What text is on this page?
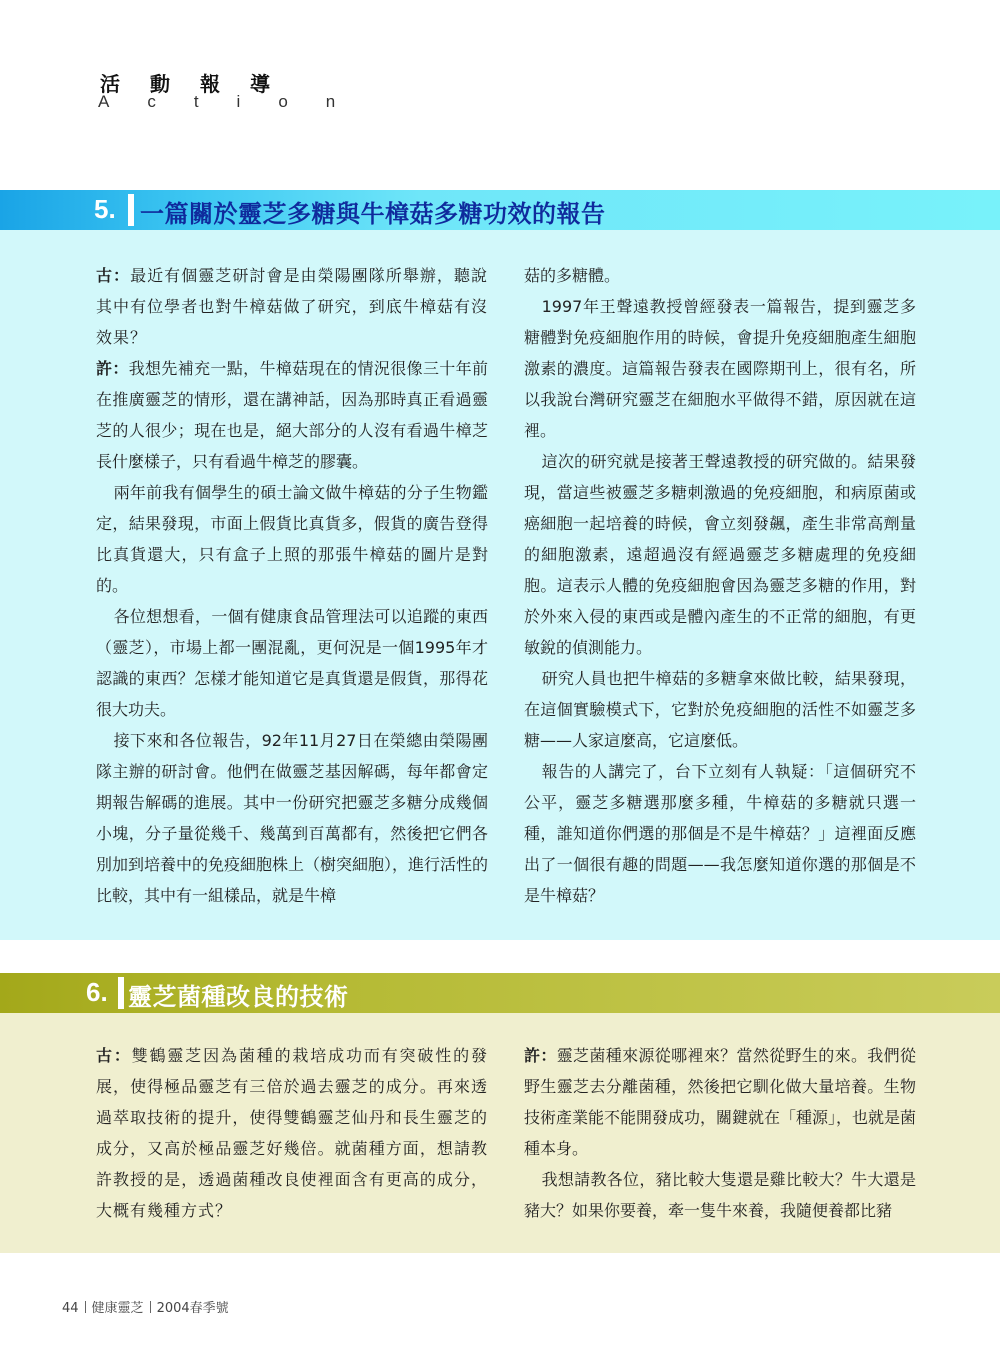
活動報導
Action
5. 一篇關於靈芝多糖與牛樟菇多糖功效的報告

古：最近有個靈芝研討會是由榮陽團隊所舉辦，聽說其中有位學者也對牛樟菇做了研究，到底牛樟菇有沒效果？

許：我想先補充一點，牛樟菇現在的情況很像三十年前在推廣靈芝的情形，還在講神話，因為那時真正看過靈芝的人很少；現在也是，絕大部分的人沒有看過牛樟芝長什麼樣子，只有看過牛樟芝的膠囊。

兩年前我有個學生的碩士論文做牛樟菇的分子生物鑑定，結果發現，市面上假貨比真貨多，假貨的廣告登得比真貨還大，只有盒子上照的那張牛樟菇的圖片是對的。

各位想想看，一個有健康食品管理法可以追蹤的東西（靈芝），市場上都一團混亂，更何況是一個1995年才認識的東西？怎樣才能知道它是真貨還是假貨，那得花很大功夫。

接下來和各位報告，92年11月27日在榮總由榮陽團隊主辦的研討會。他們在做靈芝基因解碼，每年都會定期報告解碼的進展。其中一份研究把靈芝多糖分成幾個小塊，分子量從幾千、幾萬到百萬都有，然後把它們各別加到培養中的免疫細胞株上（樹突細胞），進行活性的比較，其中有一組樣品，就是牛樟

菇的多糖體。

1997年王聲遠教授曾經發表一篇報告，提到靈芝多糖體對免疫細胞作用的時候，會提升免疫細胞產生細胞激素的濃度。這篇報告發表在國際期刊上，很有名，所以我說台灣研究靈芝在細胞水平做得不錯，原因就在這裡。

這次的研究就是接著王聲遠教授的研究做的。結果發現，當這些被靈芝多糖刺激過的免疫細胞，和病原菌或癌細胞一起培養的時候，會立刻發飆，產生非常高劑量的細胞激素，遠超過沒有經過靈芝多糖處理的免疫細胞。這表示人體的免疫細胞會因為靈芝多糖的作用，對於外來入侵的東西或是體內產生的不正常的細胞，有更敏銳的偵測能力。

研究人員也把牛樟菇的多糖拿來做比較，結果發現，在這個實驗模式下，它對於免疫細胞的活性不如靈芝多糖——人家這麼高，它這麼低。

報告的人講完了，台下立刻有人執疑：「這個研究不公平，靈芝多糖選那麼多種，牛樟菇的多糖就只選一種，誰知道你們選的那個是不是牛樟菇？」這裡面反應出了一個很有趣的問題——我怎麼知道你選的那個是不是牛樟菇？

6. 靈芝菌種改良的技術

古：雙鶴靈芝因為菌種的栽培成功而有突破性的發展，使得極品靈芝有三倍於過去靈芝的成分。再來透過萃取技術的提升，使得雙鶴靈芝仙丹和長生靈芝的成分，又高於極品靈芝好幾倍。就菌種方面，想請教許教授的是，透過菌種改良使裡面含有更高的成分，大概有幾種方式？

許：靈芝菌種來源從哪裡來？當然從野生的來。我們從野生靈芝去分離菌種，然後把它馴化做大量培養。生物技術產業能不能開發成功，關鍵就在「種源」，也就是菌種本身。

我想請教各位，豬比較大隻還是雞比較大？牛大還是豬大？如果你要養，牽一隻牛來養，我隨便養都比豬

44 健康靈芝 2004春季號
